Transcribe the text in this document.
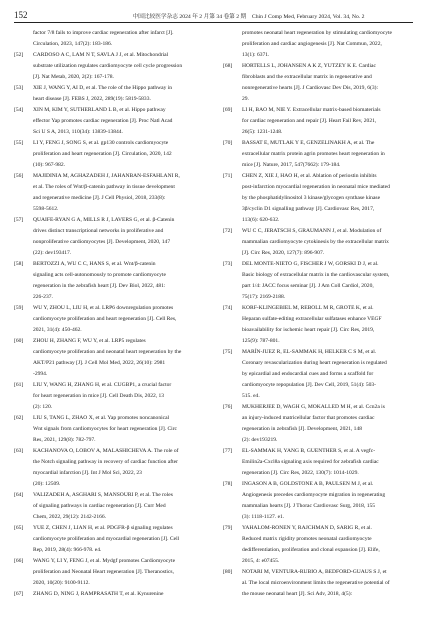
152	中国比较医学杂志 2024 年 2 月第 34 卷第 2 期　Chin J Comp Med, February 2024, Vol. 34, No. 2
factor 7/8 fails to improve cardiac regeneration after infarct [J].
Circulation, 2023, 147(2): 183-186.
[52]	CARDOSO A C, LAM N T, SAVLA J J, et al. Mitochondrial
substrate utilization regulates cardiomyocyte cell cycle progression
[J]. Nat Metab, 2020, 2(2): 167-178.
[53]	XIE J, WANG Y, AI D, et al. The role of the Hippo pathway in
heart disease [J]. FEBS J, 2022, 289(19): 5819-5833.
[54]	XIN M, KIM Y, SUTHERLAND L B, et al. Hippo pathway
effector Yap promotes cardiac regeneration [J]. Proc Natl Acad
Sci U S A, 2013, 110(34): 13839-13844.
[55]	LI Y, FENG J, SONG S, et al. gp130 controls cardiomyocyte
proliferation and heart regeneration [J]. Circulation, 2020, 142
(10): 967-982.
[56]	MAJIDINIA M, AGHAZADEH J, JAHANBAN-ESFAHLANI R,
et al. The roles of Wnt/β-catenin pathway in tissue development
and regenerative medicine [J]. J Cell Physiol, 2018, 233(8):
5598-5612.
[57]	QUAIFE-RYAN G A, MILLS R J, LAVERS G, et al. β-Catenin
drives distinct transcriptional networks in proliferative and
nonproliferative cardiomyocytes [J]. Development, 2020, 147
(22): dev193417.
[58]	BERTOZZI A, WU C C, HANS S, et al. Wnt/β-catenin
signaling acts cell-autonomously to promote cardiomyocyte
regeneration in the zebrafish heart [J]. Dev Biol, 2022, 481:
226-237.
[59]	WU Y, ZHOU L, LIU H, et al. LRP6 downregulation promotes
cardiomyocyte proliferation and heart regeneration [J]. Cell Res,
2021, 31(4): 450-462.
[60]	ZHOU H, ZHANG F, WU Y, et al. LRP5 regulates
cardiomyocyte proliferation and neonatal heart regeneration by the
AKT/P21 pathway [J]. J Cell Mol Med, 2022, 26(10): 2981
-2994.
[61]	LIU Y, WANG H, ZHANG H, et al. CUGBP1, a crucial factor
for heart regeneration in mice [J]. Cell Death Dis, 2022, 13
(2): 120.
[62]	LIU S, TANG L, ZHAO X, et al. Yap promotes noncanonical
Wnt signals from cardiomyocytes for heart regeneration [J]. Circ
Res, 2021, 129(8): 782-797.
[63]	KACHANOVA O, LOBOV A, MALASHICHEVA A. The role of
the Notch signaling pathway in recovery of cardiac function after
myocardial infarction [J]. Int J Mol Sci, 2022, 23
(20): 12509.
[64]	VALIZADEH A, ASGHARI S, MANSOURI P, et al. The roles
of signaling pathways in cardiac regeneration [J]. Curr Med
Chem, 2022, 29(12): 2142-2166.
[65]	YUE Z, CHEN J, LIAN H, et al. PDGFR-β signaling regulates
cardiomyocyte proliferation and myocardial regeneration [J]. Cell
Rep, 2019, 28(4): 966-978. e4.
[66]	WANG Y, LI Y, FENG J, et al. Mydgf promotes Cardiomyocyte
proliferation and Neonatal Heart regeneration [J]. Theranostics,
2020, 10(20): 9100-9112.
[67]	ZHANG D, NING J, RAMPRASATH T, et al. Kynurenine
promotes neonatal heart regeneration by stimulating cardiomyocyte
proliferation and cardiac angiogenesis [J]. Nat Commun, 2022,
13(1): 6371.
[68]	HORTELLS L, JOHANSEN A K Z, YUTZEY K E. Cardiac
fibroblasts and the extracellular matrix in regenerative and
nonregenerative hearts [J]. J Cardiovasc Dev Dis, 2019, 6(3):
29.
[69]	LI H, BAO M, NIE Y. Extracellular matrix-based biomaterials
for cardiac regeneration and repair [J]. Heart Fail Rev, 2021,
26(5): 1231-1248.
[70]	BASSAT E, MUTLAK Y E, GENZELINAKH A, et al. The
extracellular matrix protein agrin promotes heart regeneration in
mice [J]. Nature, 2017, 547(7662): 179-184.
[71]	CHEN Z, XIE J, HAO H, et al. Ablation of periostin inhibits
post-infarction myocardial regeneration in neonatal mice mediated
by the phosphatidylinositol 3 kinase/glycogen synthase kinase
3β/cyclin D1 signalling pathway [J]. Cardiovasc Res, 2017,
113(6): 620-632.
[72]	WU C C, JERATSCH S, GRAUMANN J, et al. Modulation of
mammalian cardiomyocyte cytokinesis by the extracellular matrix
[J]. Circ Res, 2020, 127(7): 896-907.
[73]	DEL MONTE-NIETO G, FISCHER J W, GORSKI D J, et al.
Basic biology of extracellular matrix in the cardiovascular system,
part 1/4: JACC focus seminar [J]. J Am Coll Cardiol, 2020,
75(17): 2169-2188.
[74]	KORF-KLINGEBIEL M, REBOLL M R, GROTE K, et al.
Heparan sulfate-editing extracellular sulfatases enhance VEGF
bioavailability for ischemic heart repair [J]. Circ Res, 2019,
125(9): 787-801.
[75]	MARÍN-JUEZ R, EL-SAMMAK H, HELKER C S M, et al.
Coronary revascularization during heart regeneration is regulated
by epicardial and endocardial cues and forms a scaffold for
cardiomyocyte repopulation [J]. Dev Cell, 2019, 51(4): 503-
515. e4.
[76]	MUKHERJEE D, WAGH G, MOKALLED M H, et al. Ccn2a is
an injury-induced matricellular factor that promotes cardiac
regeneration in zebrafish [J]. Development, 2021, 148
(2): dev193219.
[77]	EL-SAMMAK H, YANG B, GUENTHER S, et al. A vegfc-
Emilin2a-Cxcl8a signaling axis required for zebrafish cardiac
regeneration [J]. Circ Res, 2022, 130(7): 1014-1029.
[78]	INGASON A B, GOLDSTONE A B, PAULSEN M J, et al.
Angiogenesis precedes cardiomyocyte migration in regenerating
mammalian hearts [J]. J Thorac Cardiovasc Surg, 2018, 155
(3): 1118-1127. e1.
[79]	YAHALOM-RONEN Y, RAJCHMAN D, SARIG R, et al.
Reduced matrix rigidity promotes neonatal cardiomyocyte
dedifferentiation, proliferation and clonal expansion [J]. Elife,
2015, 4: e07455.
[80]	NOTARI M, VENTURA-RUBIO A, BEDFORD-GUAUS S J, et
al. The local microenvironment limits the regenerative potential of
the mouse neonatal heart [J]. Sci Adv, 2018, 4(5):
